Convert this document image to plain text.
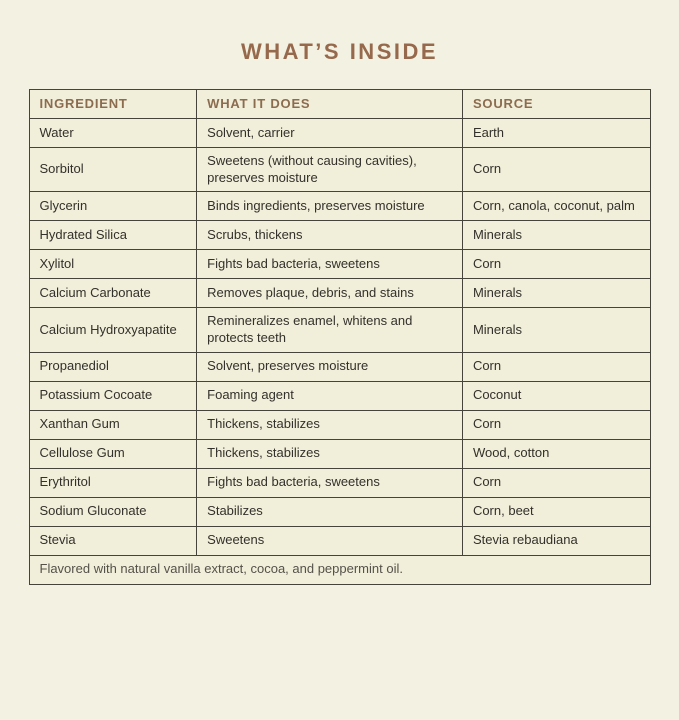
WHAT’S INSIDE
INGREDIENT	WHAT IT DOES	SOURCE
Water	Solvent, carrier	Earth
Sorbitol	Sweetens (without causing cavities), preserves moisture	Corn
Glycerin	Binds ingredients, preserves moisture	Corn, canola, coconut, palm
Hydrated Silica	Scrubs, thickens	Minerals
Xylitol	Fights bad bacteria, sweetens	Corn
Calcium Carbonate	Removes plaque, debris, and stains	Minerals
Calcium Hydroxyapatite	Remineralizes enamel, whitens and protects teeth	Minerals
Propanediol	Solvent, preserves moisture	Corn
Potassium Cocoate	Foaming agent	Coconut
Xanthan Gum	Thickens, stabilizes	Corn
Cellulose Gum	Thickens, stabilizes	Wood, cotton
Erythritol	Fights bad bacteria, sweetens	Corn
Sodium Gluconate	Stabilizes	Corn, beet
Stevia	Sweetens	Stevia rebaudiana
Flavored with natural vanilla extract, cocoa, and peppermint oil.		
